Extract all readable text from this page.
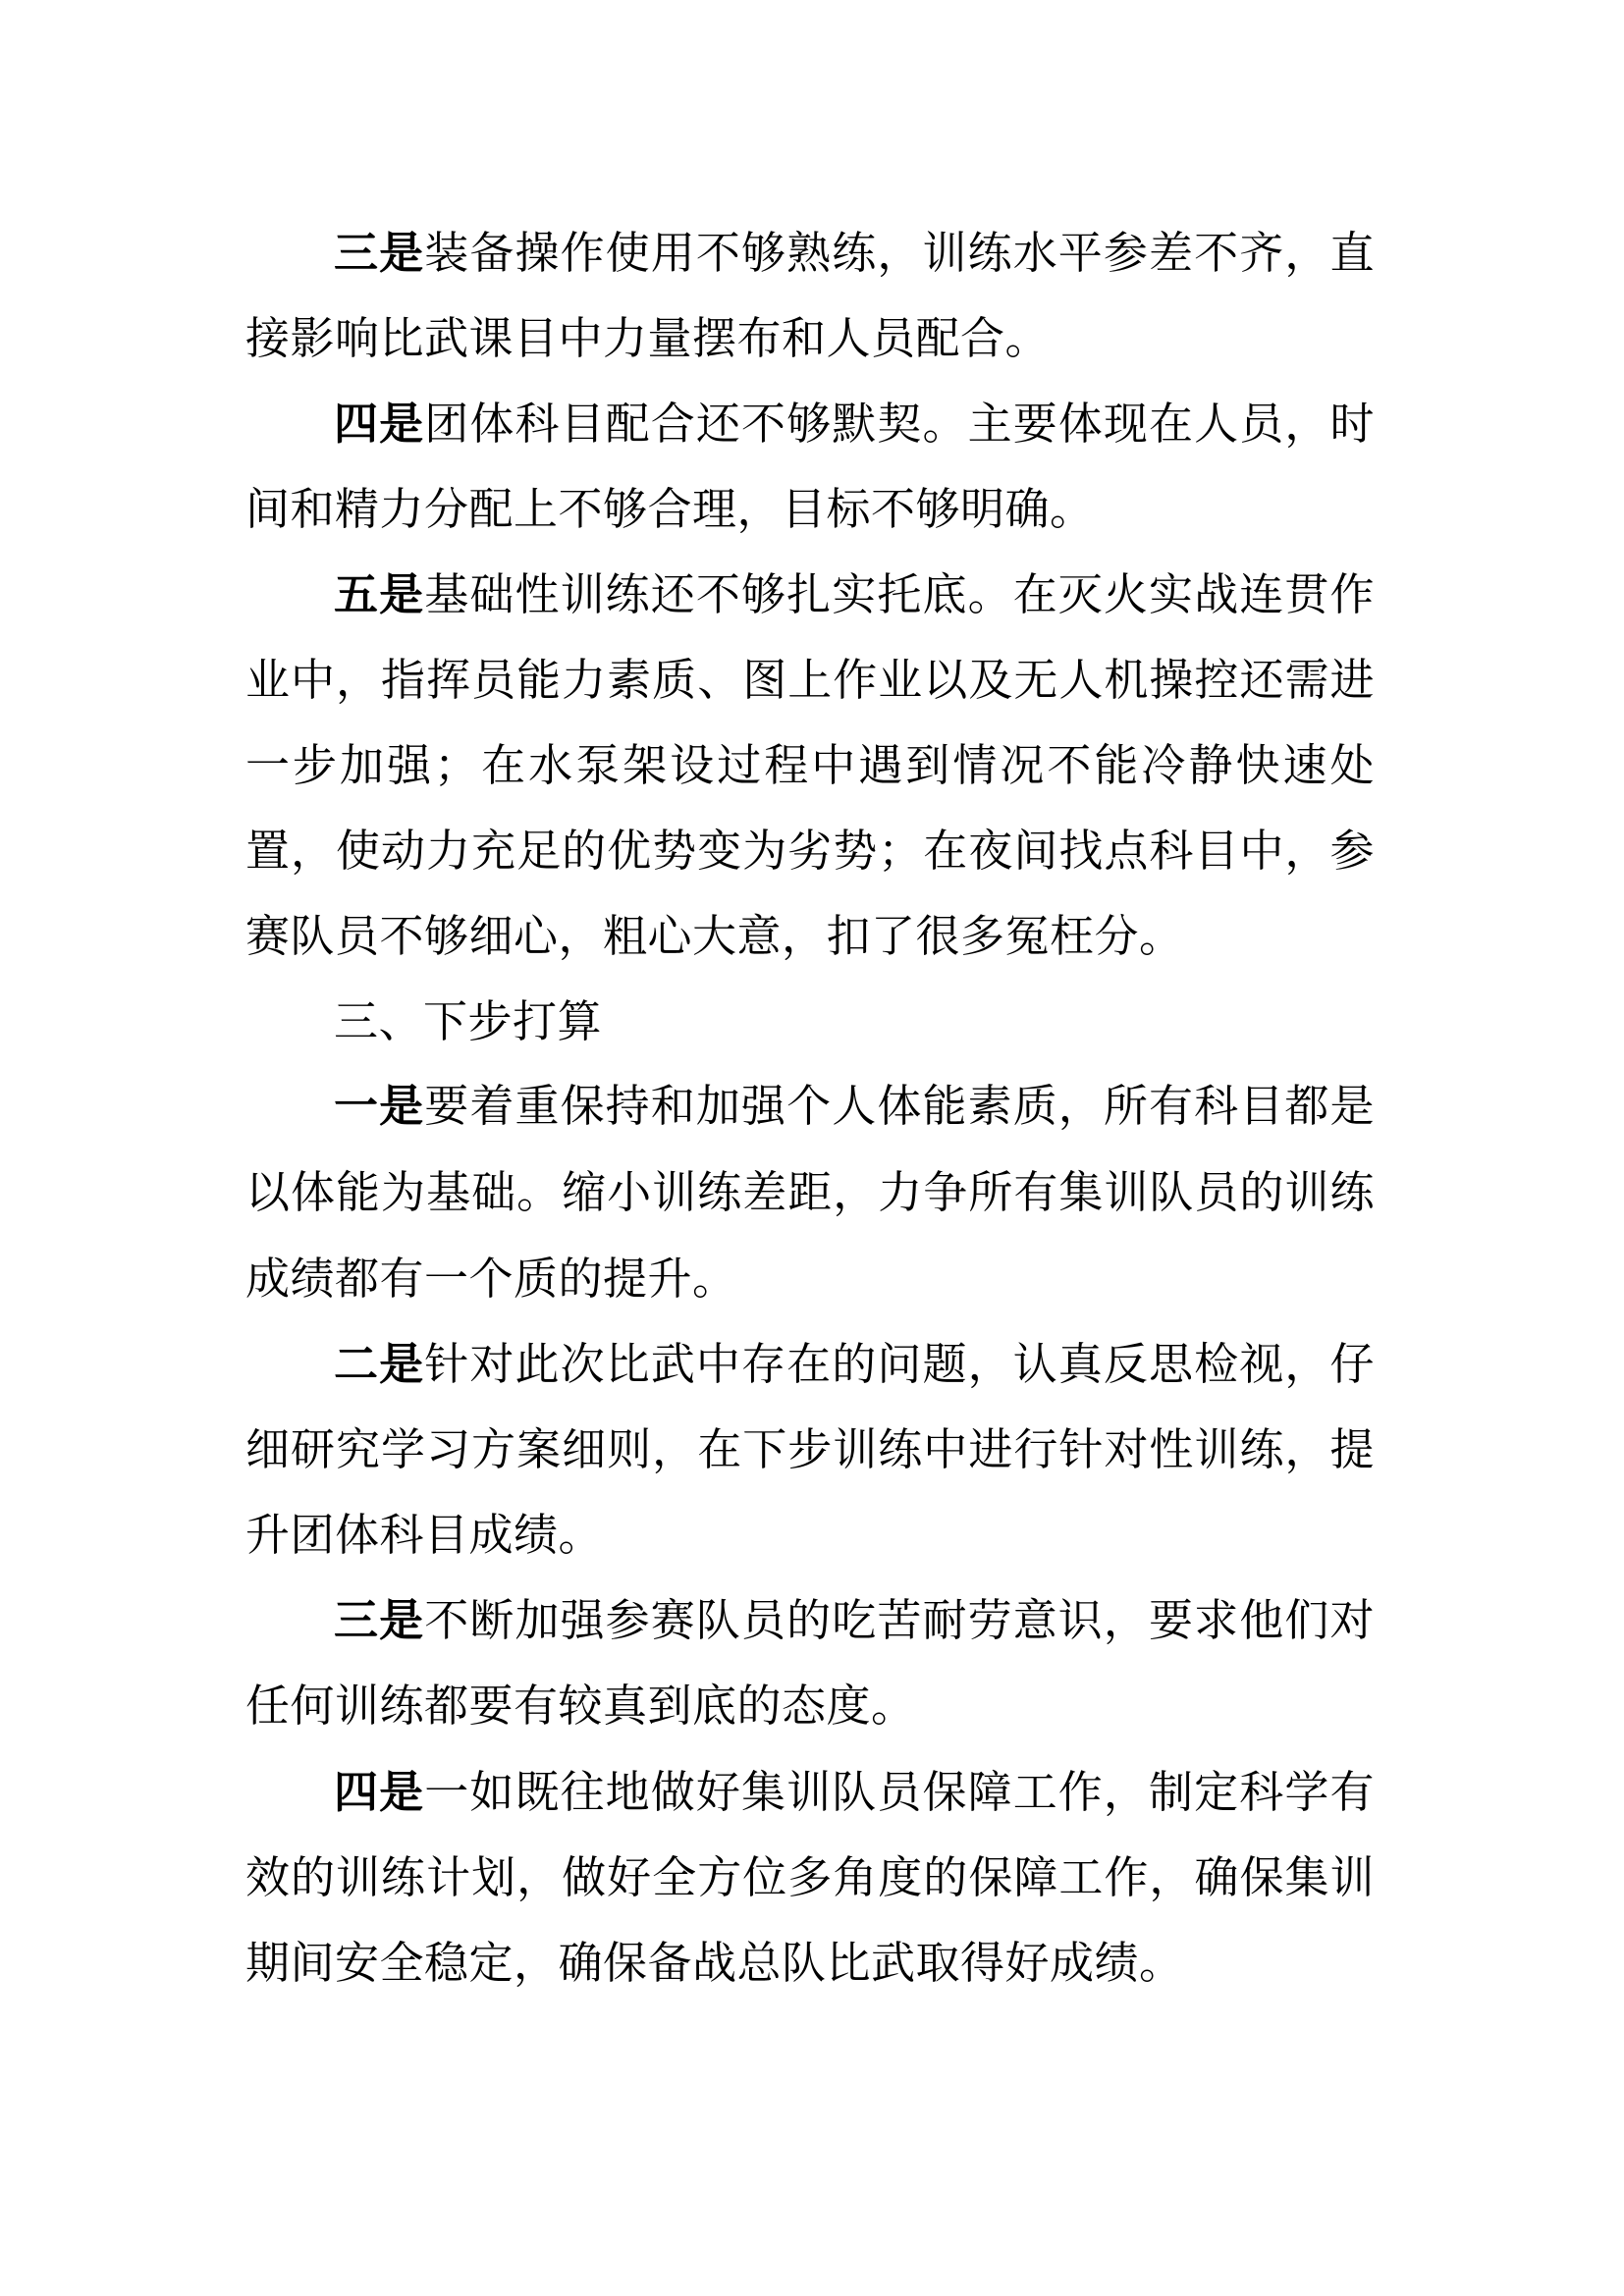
三是装备操作使用不够熟练，训练水平参差不齐，直接影响比武课目中力量摆布和人员配合。

四是团体科目配合还不够默契。主要体现在人员，时间和精力分配上不够合理，目标不够明确。

五是基础性训练还不够扎实托底。在灭火实战连贯作业中，指挥员能力素质、图上作业以及无人机操控还需进一步加强；在水泵架设过程中遇到情况不能冷静快速处置，使动力充足的优势变为劣势；在夜间找点科目中，参赛队员不够细心，粗心大意，扣了很多冤枉分。

三、下步打算

一是要着重保持和加强个人体能素质，所有科目都是以体能为基础。缩小训练差距，力争所有集训队员的训练成绩都有一个质的提升。

二是针对此次比武中存在的问题，认真反思检视，仔细研究学习方案细则，在下步训练中进行针对性训练，提升团体科目成绩。

三是不断加强参赛队员的吃苦耐劳意识，要求他们对任何训练都要有较真到底的态度。

四是一如既往地做好集训队员保障工作，制定科学有效的训练计划，做好全方位多角度的保障工作，确保集训期间安全稳定，确保备战总队比武取得好成绩。
